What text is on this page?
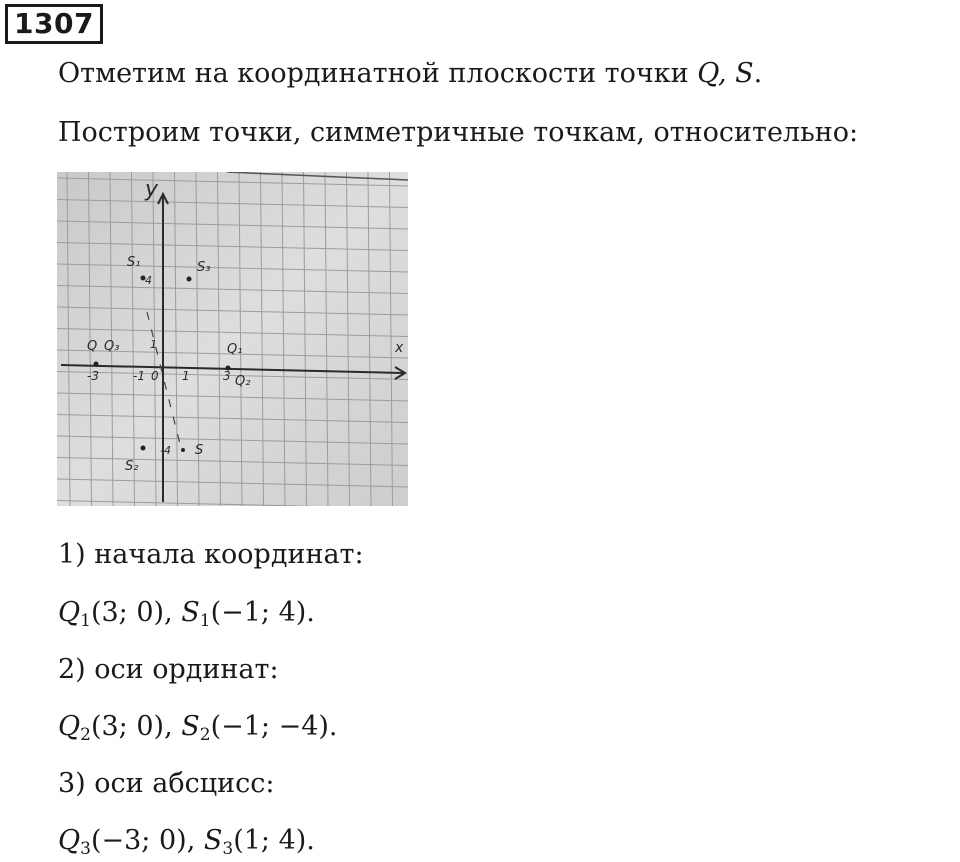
1307
Отметим на координатной плоскости точки Q, S.
Построим точки, симметричные точкам, относительно:
y
x
S₁	S₃
4
1
Q Q₃	Q₁
Q₂
-3	-1 0 1	3
-4 S
S₂
1) начала координат:
$Q_1(3$; 0), $S_1(-1$; 4).
2) оси ординат:
$Q_2(3$; 0), $S_2(-1$; −4).
3) оси абсцисс:
$Q_3(-3$; 0), $S_3(1$; 4).
